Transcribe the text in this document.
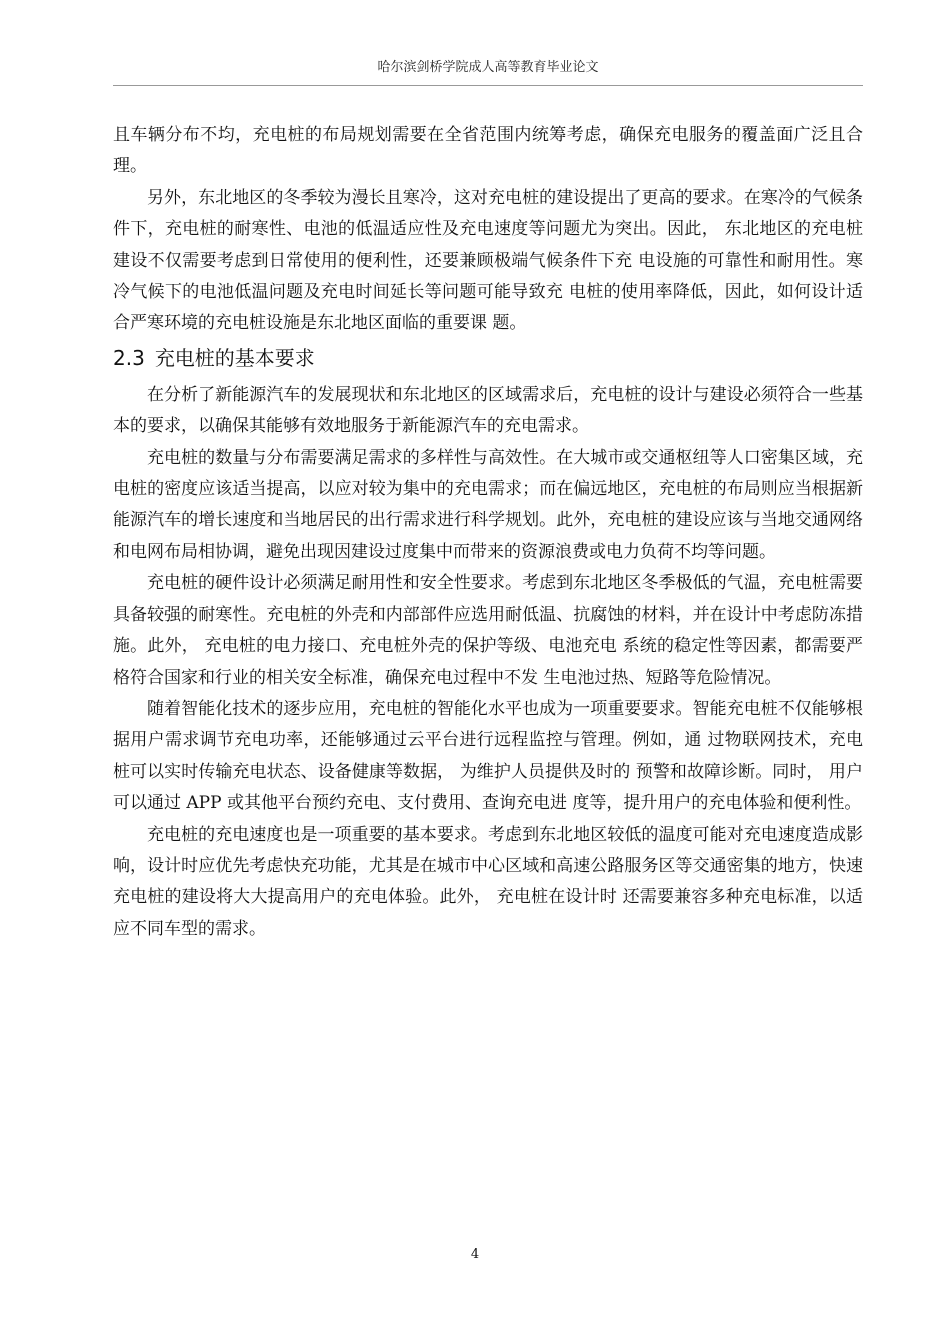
哈尔滨剑桥学院成人高等教育毕业论文

且车辆分布不均，充电桩的布局规划需要在全省范围内统筹考虑，确保充电服务的覆盖面广泛且合理。

另外，东北地区的冬季较为漫长且寒冷，这对充电桩的建设提出了更高的要求。在寒冷的气候条件下，充电桩的耐寒性、电池的低温适应性及充电速度等问题尤为突出。因此， 东北地区的充电桩建设不仅需要考虑到日常使用的便利性，还要兼顾极端气候条件下充 电设施的可靠性和耐用性。寒冷气候下的电池低温问题及充电时间延长等问题可能导致充 电桩的使用率降低，因此，如何设计适合严寒环境的充电桩设施是东北地区面临的重要课 题。

2.3 充电桩的基本要求

在分析了新能源汽车的发展现状和东北地区的区域需求后，充电桩的设计与建设必须符合一些基本的要求，以确保其能够有效地服务于新能源汽车的充电需求。

充电桩的数量与分布需要满足需求的多样性与高效性。在大城市或交通枢纽等人口密集区域，充电桩的密度应该适当提高，以应对较为集中的充电需求；而在偏远地区，充电桩的布局则应当根据新能源汽车的增长速度和当地居民的出行需求进行科学规划。此外，充电桩的建设应该与当地交通网络和电网布局相协调，避免出现因建设过度集中而带来的资源浪费或电力负荷不均等问题。

充电桩的硬件设计必须满足耐用性和安全性要求。考虑到东北地区冬季极低的气温，充电桩需要具备较强的耐寒性。充电桩的外壳和内部部件应选用耐低温、抗腐蚀的材料，并在设计中考虑防冻措施。此外， 充电桩的电力接口、充电桩外壳的保护等级、电池充电 系统的稳定性等因素，都需要严格符合国家和行业的相关安全标准，确保充电过程中不发 生电池过热、短路等危险情况。

随着智能化技术的逐步应用，充电桩的智能化水平也成为一项重要要求。智能充电桩不仅能够根据用户需求调节充电功率，还能够通过云平台进行远程监控与管理。例如，通 过物联网技术，充电桩可以实时传输充电状态、设备健康等数据， 为维护人员提供及时的 预警和故障诊断。同时， 用户可以通过 APP 或其他平台预约充电、支付费用、查询充电进 度等，提升用户的充电体验和便利性。

充电桩的充电速度也是一项重要的基本要求。考虑到东北地区较低的温度可能对充电速度造成影响，设计时应优先考虑快充功能，尤其是在城市中心区域和高速公路服务区等交通密集的地方，快速充电桩的建设将大大提高用户的充电体验。此外， 充电桩在设计时 还需要兼容多种充电标准，以适应不同车型的需求。

4
